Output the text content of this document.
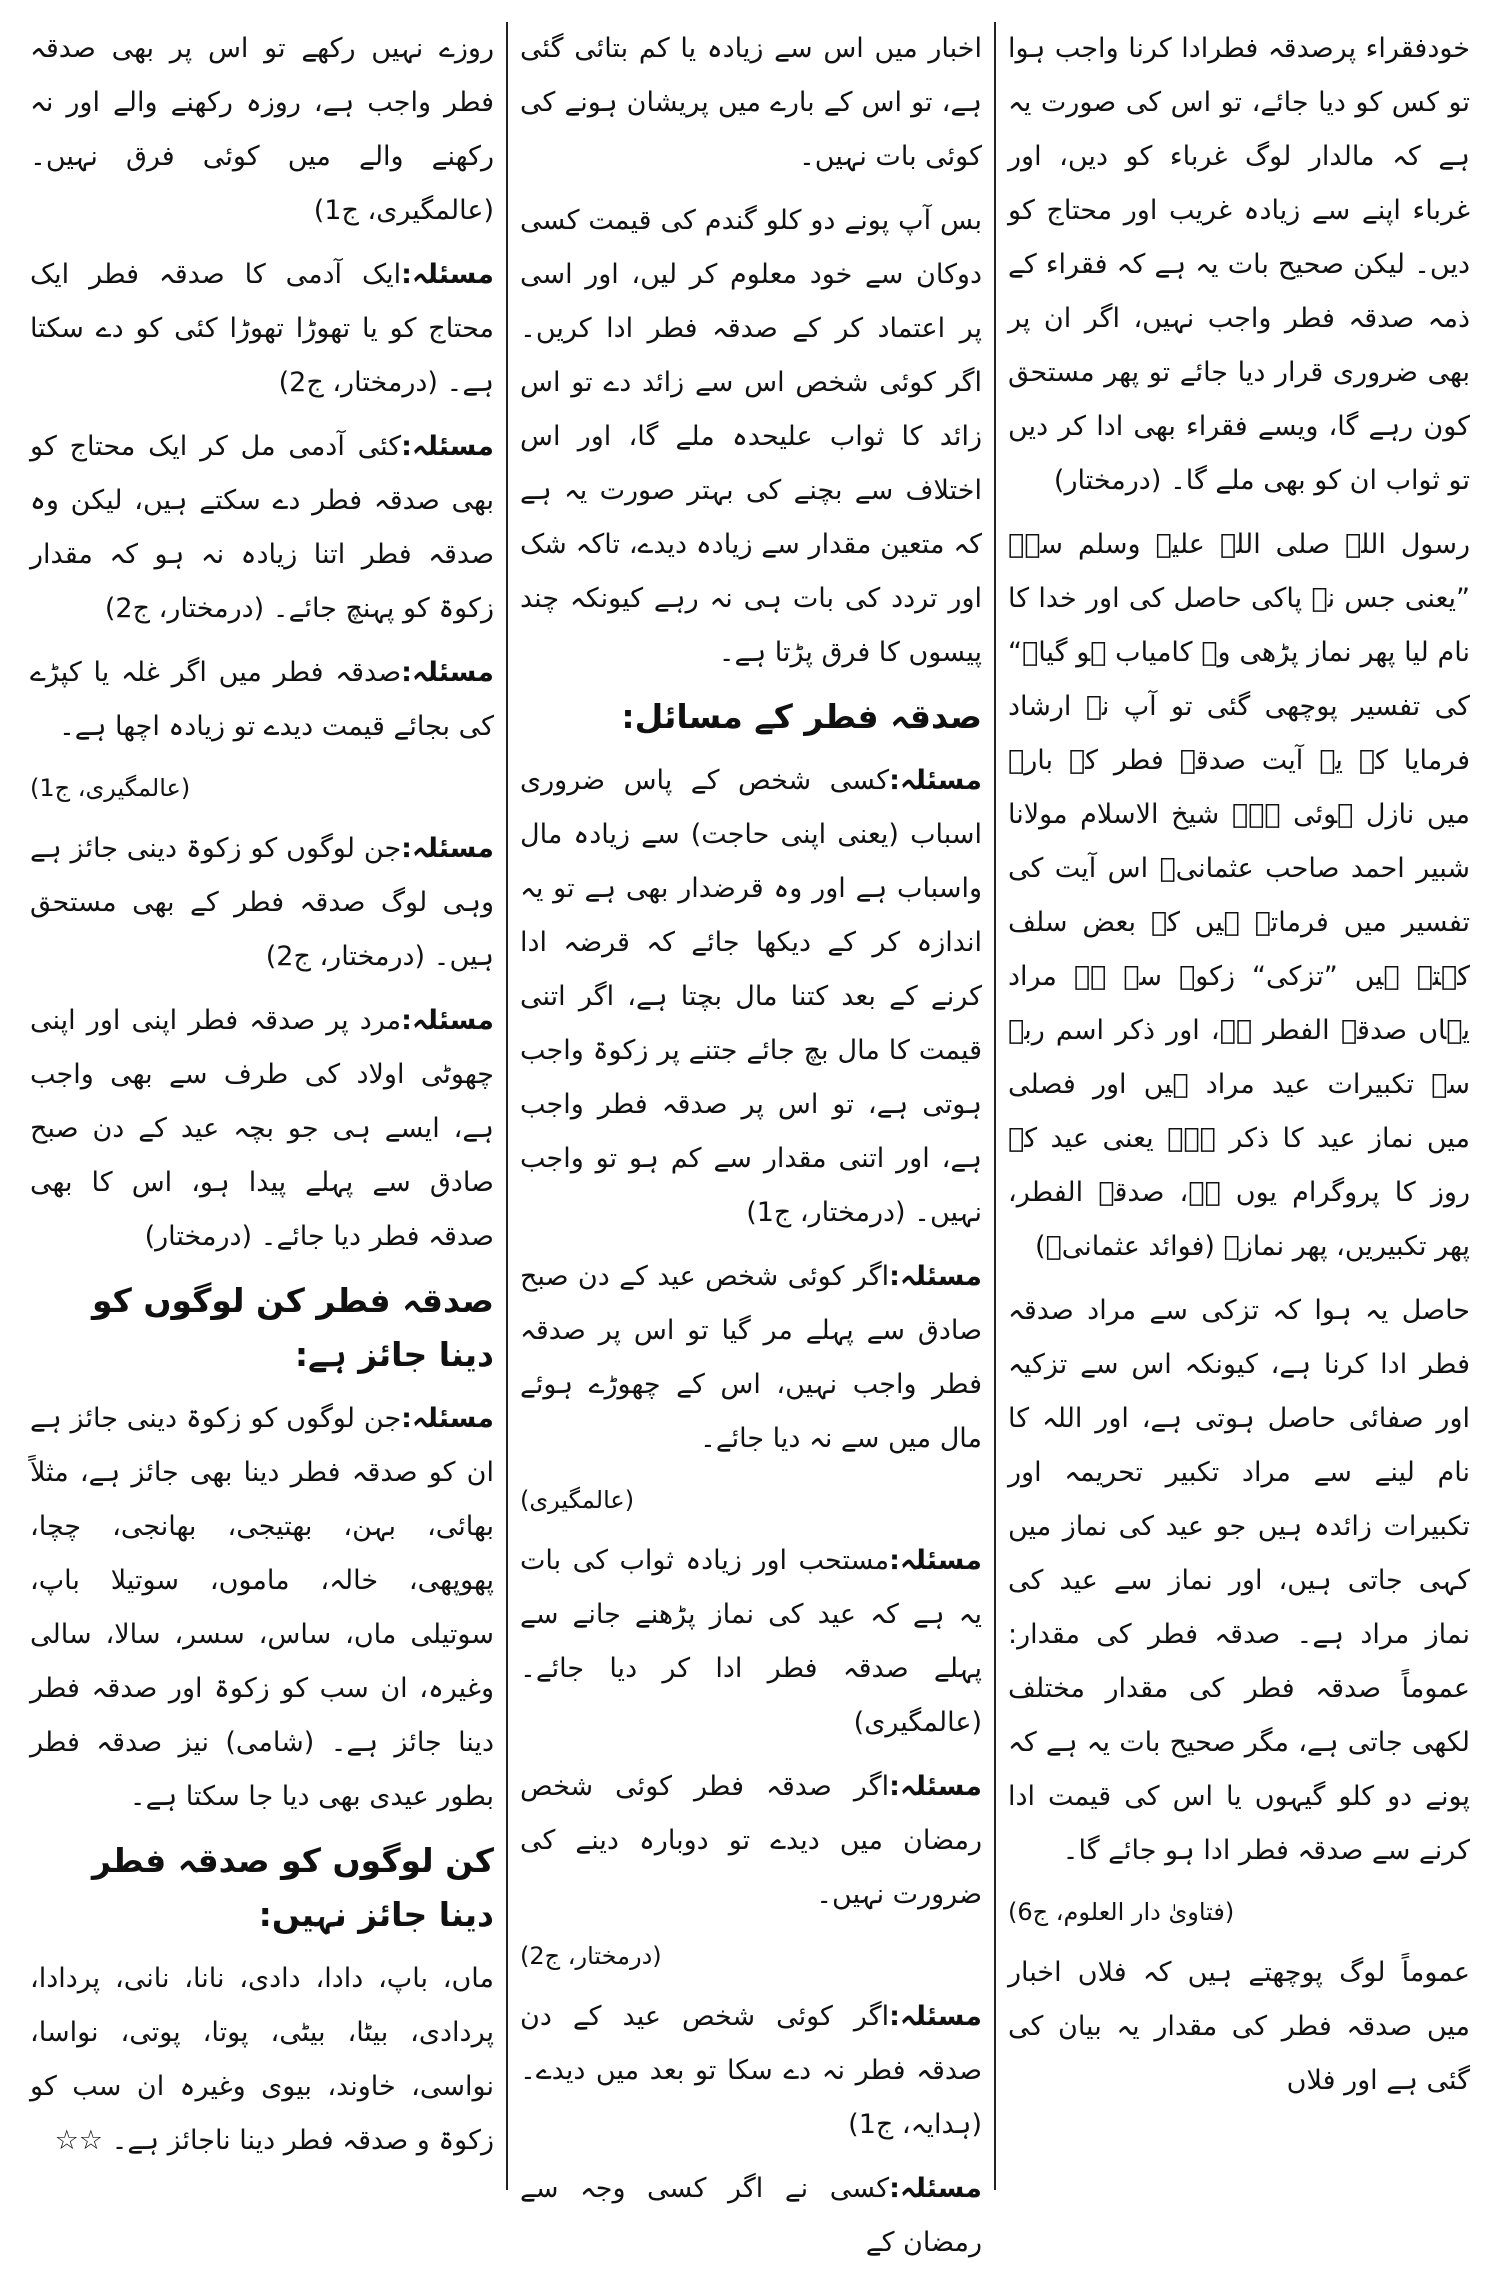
خودفقراء پرصدقہ فطرادا کرنا واجب ہوا تو کس کو دیا جائے، تو اس کی صورت یہ ہے کہ مالدار لوگ غرباء کو دیں، اور غرباء اپنے سے زیادہ غریب اور محتاج کو دیں۔ لیکن صحیح بات یہ ہے کہ فقراء کے ذمہ صدقہ فطر واجب نہیں، اگر ان پر بھی ضروری قرار دیا جائے تو پھر مستحق کون رہے گا، ویسے فقراء بھی ادا کر دیں تو ثواب ان کو بھی ملے گا۔ (درمختار)

رسول اللہ صلی اللہ علیہ وسلم سے۔ ”یعنی جس نے پاکی حاصل کی اور خدا کا نام لیا پھر نماز پڑھی وہ کامیاب ہو گیا۔“ کی تفسیر پوچھی گئی تو آپ نے ارشاد فرمایا کہ یہ آیت صدقہ فطر کے بارے میں نازل ہوئی ہے۔ شیخ الاسلام مولانا شبیر احمد صاحب عثمانیؒ اس آیت کی تفسیر میں فرماتے ہیں کہ بعض سلف کہتے ہیں ”تزکی“ زکوۃ سے ہے مراد یہاں صدقۃ الفطر ہے، اور ذکر اسم ربہ سے تکبیرات عید مراد ہیں اور فصلی میں نماز عید کا ذکر ہے۔ یعنی عید کے روز کا پروگرام یوں ہے، صدقۃ الفطر، پھر تکبیریں، پھر نماز۔ (فوائد عثمانیؒ)

حاصل یہ ہوا کہ تزکی سے مراد صدقہ فطر ادا کرنا ہے، کیونکہ اس سے تزکیہ اور صفائی حاصل ہوتی ہے، اور اللہ کا نام لینے سے مراد تکبیر تحریمہ اور تکبیرات زائدہ ہیں جو عید کی نماز میں کہی جاتی ہیں، اور نماز سے عید کی نماز مراد ہے۔ صدقہ فطر کی مقدار: عموماً صدقہ فطر کی مقدار مختلف لکھی جاتی ہے، مگر صحیح بات یہ ہے کہ پونے دو کلو گیہوں یا اس کی قیمت ادا کرنے سے صدقہ فطر ادا ہو جائے گا۔

(فتاویٰ دار العلوم، ج6)

عموماً لوگ پوچھتے ہیں کہ فلاں اخبار میں صدقہ فطر کی مقدار یہ بیان کی گئی ہے اور فلاں

اخبار میں اس سے زیادہ یا کم بتائی گئی ہے، تو اس کے بارے میں پریشان ہونے کی کوئی بات نہیں۔

بس آپ پونے دو کلو گندم کی قیمت کسی دوکان سے خود معلوم کر لیں، اور اسی پر اعتماد کر کے صدقہ فطر ادا کریں۔ اگر کوئی شخص اس سے زائد دے تو اس زائد کا ثواب علیحدہ ملے گا، اور اس اختلاف سے بچنے کی بہتر صورت یہ ہے کہ متعین مقدار سے زیادہ دیدے، تاکہ شک اور تردد کی بات ہی نہ رہے کیونکہ چند پیسوں کا فرق پڑتا ہے۔

صدقہ فطر کے مسائل:

مسئلہ:کسی شخص کے پاس ضروری اسباب (یعنی اپنی حاجت) سے زیادہ مال واسباب ہے اور وہ قرضدار بھی ہے تو یہ اندازہ کر کے دیکھا جائے کہ قرضہ ادا کرنے کے بعد کتنا مال بچتا ہے، اگر اتنی قیمت کا مال بچ جائے جتنے پر زکوۃ واجب ہوتی ہے، تو اس پر صدقہ فطر واجب ہے، اور اتنی مقدار سے کم ہو تو واجب نہیں۔ (درمختار، ج1)

مسئلہ:اگر کوئی شخص عید کے دن صبح صادق سے پہلے مر گیا تو اس پر صدقہ فطر واجب نہیں، اس کے چھوڑے ہوئے مال میں سے نہ دیا جائے۔

(عالمگیری)

مسئلہ:مستحب اور زیادہ ثواب کی بات یہ ہے کہ عید کی نماز پڑھنے جانے سے پہلے صدقہ فطر ادا کر دیا جائے۔ (عالمگیری)

مسئلہ:اگر صدقہ فطر کوئی شخص رمضان میں دیدے تو دوبارہ دینے کی ضرورت نہیں۔

(درمختار، ج2)

مسئلہ:اگر کوئی شخص عید کے دن صدقہ فطر نہ دے سکا تو بعد میں دیدے۔ (ہدایہ، ج1)

مسئلہ:کسی نے اگر کسی وجہ سے رمضان کے

روزے نہیں رکھے تو اس پر بھی صدقہ فطر واجب ہے، روزہ رکھنے والے اور نہ رکھنے والے میں کوئی فرق نہیں۔ (عالمگیری، ج1)

مسئلہ:ایک آدمی کا صدقہ فطر ایک محتاج کو یا تھوڑا تھوڑا کئی کو دے سکتا ہے۔ (درمختار، ج2)

مسئلہ:کئی آدمی مل کر ایک محتاج کو بھی صدقہ فطر دے سکتے ہیں، لیکن وہ صدقہ فطر اتنا زیادہ نہ ہو کہ مقدار زکوۃ کو پہنچ جائے۔ (درمختار، ج2)

مسئلہ:صدقہ فطر میں اگر غلہ یا کپڑے کی بجائے قیمت دیدے تو زیادہ اچھا ہے۔

(عالمگیری، ج1)

مسئلہ:جن لوگوں کو زکوۃ دینی جائز ہے وہی لوگ صدقہ فطر کے بھی مستحق ہیں۔ (درمختار، ج2)

مسئلہ:مرد پر صدقہ فطر اپنی اور اپنی چھوٹی اولاد کی طرف سے بھی واجب ہے، ایسے ہی جو بچہ عید کے دن صبح صادق سے پہلے پیدا ہو، اس کا بھی صدقہ فطر دیا جائے۔ (درمختار)

صدقہ فطر کن لوگوں کو دینا جائز ہے:

مسئلہ:جن لوگوں کو زکوۃ دینی جائز ہے ان کو صدقہ فطر دینا بھی جائز ہے، مثلاً بھائی، بہن، بھتیجی، بھانجی، چچا، پھوپھی، خالہ، ماموں، سوتیلا باپ، سوتیلی ماں، ساس، سسر، سالا، سالی وغیرہ، ان سب کو زکوۃ اور صدقہ فطر دینا جائز ہے۔ (شامی) نیز صدقہ فطر بطور عیدی بھی دیا جا سکتا ہے۔

کن لوگوں کو صدقہ فطر دینا جائز نہیں:

ماں، باپ، دادا، دادی، نانا، نانی، پردادا، پردادی، بیٹا، بیٹی، پوتا، پوتی، نواسا، نواسی، خاوند، بیوی وغیرہ ان سب کو زکوۃ و صدقہ فطر دینا ناجائز ہے۔ ☆☆
